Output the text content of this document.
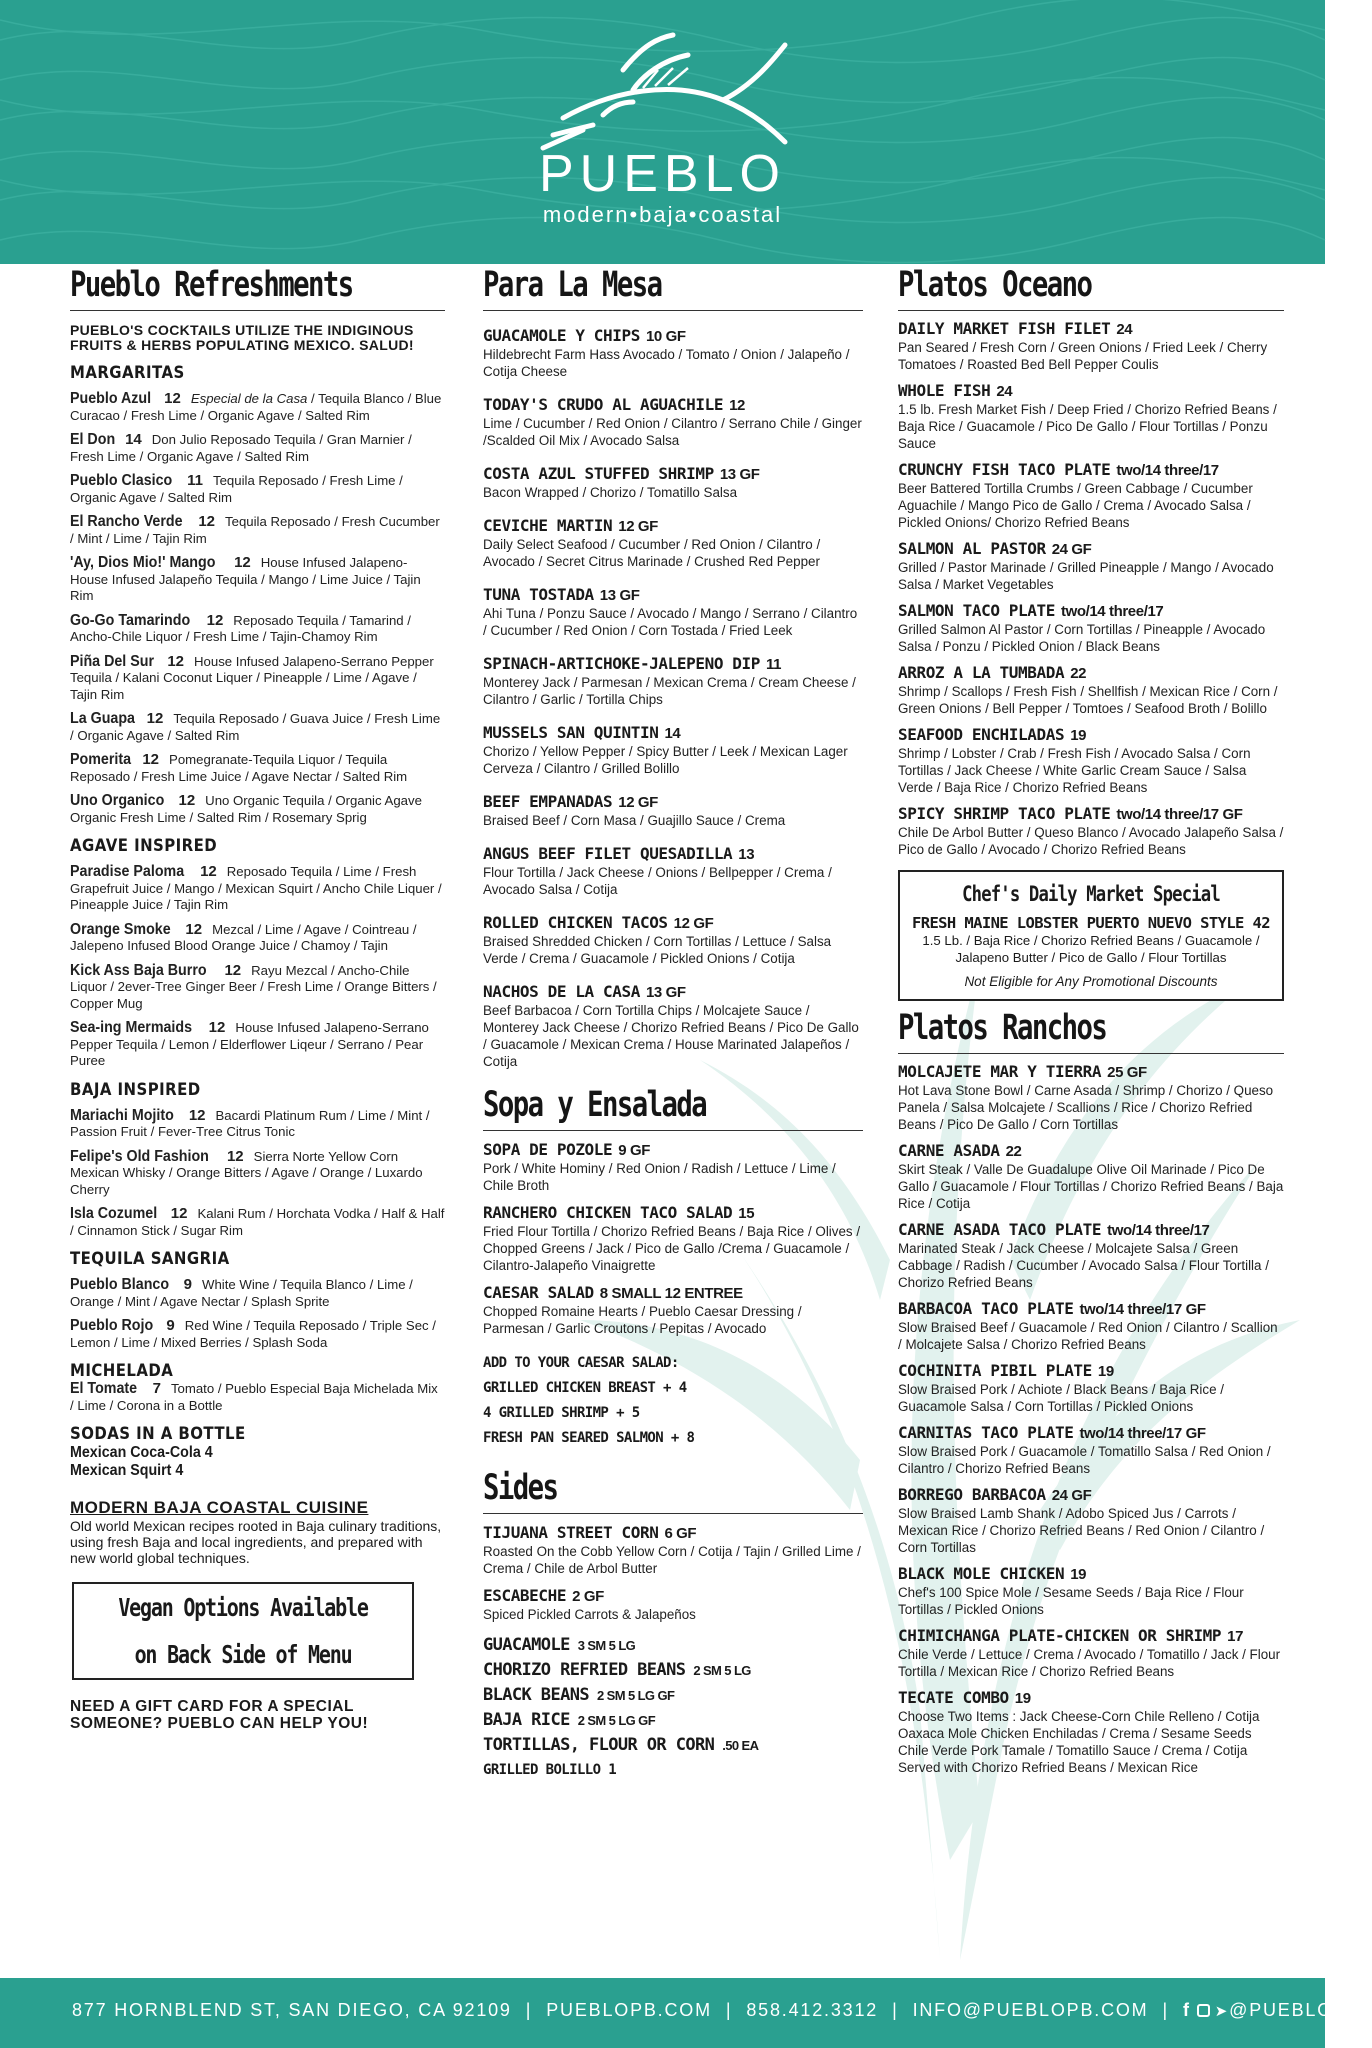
PUEBLO
modern•baja•coastal
Pueblo Refreshments
PUEBLO'S COCKTAILS UTILIZE THE INDIGINOUS FRUITS & HERBS POPULATING MEXICO. SALUD!
MARGARITAS
Pueblo Azul 12 Especial de la Casa / Tequila Blanco / Blue Curacao / Fresh Lime / Organic Agave / Salted Rim
El Don 14 Don Julio Reposado Tequila / Gran Marnier / Fresh Lime / Organic Agave / Salted Rim
Pueblo Clasico 11 Tequila Reposado / Fresh Lime / Organic Agave / Salted Rim
El Rancho Verde 12 Tequila Reposado / Fresh Cucumber / Mint / Lime / Tajin Rim
'Ay, Dios Mio!' Mango 12 House Infused Jalapeno-House Infused Jalapeño Tequila / Mango / Lime Juice / Tajin Rim
Go-Go Tamarindo 12 Reposado Tequila / Tamarind / Ancho-Chile Liquor / Fresh Lime / Tajin-Chamoy Rim
Piña Del Sur 12 House Infused Jalapeno-Serrano Pepper Tequila / Kalani Coconut Liquer / Pineapple / Lime / Agave / Tajin Rim
La Guapa 12 Tequila Reposado / Guava Juice / Fresh Lime / Organic Agave / Salted Rim
Pomerita 12 Pomegranate-Tequila Liquor / Tequila Reposado / Fresh Lime Juice / Agave Nectar / Salted Rim
Uno Organico 12 Uno Organic Tequila / Organic Agave Organic Fresh Lime / Salted Rim / Rosemary Sprig
AGAVE INSPIRED
Paradise Paloma 12 Reposado Tequila / Lime / Fresh Grapefruit Juice / Mango / Mexican Squirt / Ancho Chile Liquer / Pineapple Juice / Tajin Rim
Orange Smoke 12 Mezcal / Lime / Agave / Cointreau / Jalepeno Infused Blood Orange Juice / Chamoy / Tajin
Kick Ass Baja Burro 12 Rayu Mezcal / Ancho-Chile Liquor / 2ever-Tree Ginger Beer / Fresh Lime / Orange Bitters / Copper Mug
Sea-ing Mermaids 12 House Infused Jalapeno-Serrano Pepper Tequila / Lemon / Elderflower Liqeur / Serrano / Pear Puree
BAJA INSPIRED
Mariachi Mojito 12 Bacardi Platinum Rum / Lime / Mint / Passion Fruit / Fever-Tree Citrus Tonic
Felipe's Old Fashion 12 Sierra Norte Yellow Corn Mexican Whisky / Orange Bitters / Agave / Orange / Luxardo Cherry
Isla Cozumel 12 Kalani Rum / Horchata Vodka / Half & Half / Cinnamon Stick / Sugar Rim
TEQUILA SANGRIA
Pueblo Blanco 9 White Wine / Tequila Blanco / Lime / Orange / Mint / Agave Nectar / Splash Sprite
Pueblo Rojo 9 Red Wine / Tequila Reposado / Triple Sec / Lemon / Lime / Mixed Berries / Splash Soda
MICHELADA
El Tomate 7 Tomato / Pueblo Especial Baja Michelada Mix / Lime / Corona in a Bottle
SODAS IN A BOTTLE
Mexican Coca-Cola 4
Mexican Squirt 4
MODERN BAJA COASTAL CUISINE
Old world Mexican recipes rooted in Baja culinary traditions, using fresh Baja and local ingredients, and prepared with new world global techniques.
Vegan Options Available
on Back Side of Menu
NEED A GIFT CARD FOR A SPECIAL SOMEONE? PUEBLO CAN HELP YOU!
Para La Mesa
GUACAMOLE Y CHIPS 10 GF
Hildebrecht Farm Hass Avocado / Tomato / Onion / Jalapeño / Cotija Cheese
TODAY'S CRUDO AL AGUACHILE 12
Lime / Cucumber / Red Onion / Cilantro / Serrano Chile / Ginger /Scalded Oil Mix / Avocado Salsa
COSTA AZUL STUFFED SHRIMP 13 GF
Bacon Wrapped / Chorizo / Tomatillo Salsa
CEVICHE MARTIN 12 GF
Daily Select Seafood / Cucumber / Red Onion / Cilantro / Avocado / Secret Citrus Marinade / Crushed Red Pepper
TUNA TOSTADA 13 GF
Ahi Tuna / Ponzu Sauce / Avocado / Mango / Serrano / Cilantro / Cucumber / Red Onion / Corn Tostada / Fried Leek
SPINACH-ARTICHOKE-JALEPENO DIP 11
Monterey Jack / Parmesan / Mexican Crema / Cream Cheese / Cilantro / Garlic / Tortilla Chips
MUSSELS SAN QUINTIN 14
Chorizo / Yellow Pepper / Spicy Butter / Leek / Mexican Lager Cerveza / Cilantro / Grilled Bolillo
BEEF EMPANADAS 12 GF
Braised Beef / Corn Masa / Guajillo Sauce / Crema
ANGUS BEEF FILET QUESADILLA 13
Flour Tortilla / Jack Cheese / Onions / Bellpepper / Crema / Avocado Salsa / Cotija
ROLLED CHICKEN TACOS 12 GF
Braised Shredded Chicken / Corn Tortillas / Lettuce / Salsa Verde / Crema / Guacamole / Pickled Onions / Cotija
NACHOS DE LA CASA 13 GF
Beef Barbacoa / Corn Tortilla Chips / Molcajete Sauce / Monterey Jack Cheese / Chorizo Refried Beans / Pico De Gallo / Guacamole / Mexican Crema / House Marinated Jalapeños / Cotija
Sopa y Ensalada
SOPA DE POZOLE 9 GF
Pork / White Hominy / Red Onion / Radish / Lettuce / Lime / Chile Broth
RANCHERO CHICKEN TACO SALAD 15
Fried Flour Tortilla / Chorizo Refried Beans / Baja Rice / Olives / Chopped Greens / Jack / Pico de Gallo /Crema / Guacamole / Cilantro-Jalapeño Vinaigrette
CAESAR SALAD 8 SMALL 12 ENTREE
Chopped Romaine Hearts / Pueblo Caesar Dressing / Parmesan / Garlic Croutons / Pepitas / Avocado
ADD TO YOUR CAESAR SALAD:
GRILLED CHICKEN BREAST + 4
4 GRILLED SHRIMP + 5
FRESH PAN SEARED SALMON + 8
Sides
TIJUANA STREET CORN 6 GF
Roasted On the Cobb Yellow Corn / Cotija / Tajin / Grilled Lime / Crema / Chile de Arbol Butter
ESCABECHE 2 GF
Spiced Pickled Carrots & Jalapeños
GUACAMOLE 3 SM 5 LG
CHORIZO REFRIED BEANS 2 SM 5 LG
BLACK BEANS 2 SM 5 LG GF
BAJA RICE 2 SM 5 LG GF
TORTILLAS, FLOUR OR CORN .50 EA
GRILLED BOLILLO 1
Platos Oceano
DAILY MARKET FISH FILET 24
Pan Seared / Fresh Corn / Green Onions / Fried Leek / Cherry Tomatoes / Roasted Bed Bell Pepper Coulis
WHOLE FISH 24
1.5 lb. Fresh Market Fish / Deep Fried / Chorizo Refried Beans / Baja Rice / Guacamole / Pico De Gallo / Flour Tortillas / Ponzu Sauce
CRUNCHY FISH TACO PLATE two/14 three/17
Beer Battered Tortilla Crumbs / Green Cabbage / Cucumber Aguachile / Mango Pico de Gallo / Crema / Avocado Salsa / Pickled Onions/ Chorizo Refried Beans
SALMON AL PASTOR 24 GF
Grilled / Pastor Marinade / Grilled Pineapple / Mango / Avocado Salsa / Market Vegetables
SALMON TACO PLATE two/14 three/17
Grilled Salmon Al Pastor / Corn Tortillas / Pineapple / Avocado Salsa / Ponzu / Pickled Onion / Black Beans
ARROZ A LA TUMBADA 22
Shrimp / Scallops / Fresh Fish / Shellfish / Mexican Rice / Corn / Green Onions / Bell Pepper / Tomtoes / Seafood Broth / Bolillo
SEAFOOD ENCHILADAS 19
Shrimp / Lobster / Crab / Fresh Fish / Avocado Salsa / Corn Tortillas / Jack Cheese / White Garlic Cream Sauce / Salsa Verde / Baja Rice / Chorizo Refried Beans
SPICY SHRIMP TACO PLATE two/14 three/17 GF
Chile De Arbol Butter / Queso Blanco / Avocado Jalapeño Salsa / Pico de Gallo / Avocado / Chorizo Refried Beans
Chef's Daily Market Special
FRESH MAINE LOBSTER PUERTO NUEVO STYLE 42
1.5 Lb. / Baja Rice / Chorizo Refried Beans / Guacamole / Jalapeno Butter / Pico de Gallo / Flour Tortillas
Not Eligible for Any Promotional Discounts
Platos Ranchos
MOLCAJETE MAR Y TIERRA 25 GF
Hot Lava Stone Bowl / Carne Asada / Shrimp / Chorizo / Queso Panela / Salsa Molcajete / Scallions / Rice / Chorizo Refried Beans / Pico De Gallo / Corn Tortillas
CARNE ASADA 22
Skirt Steak / Valle De Guadalupe Olive Oil Marinade / Pico De Gallo / Guacamole / Flour Tortillas / Chorizo Refried Beans / Baja Rice / Cotija
CARNE ASADA TACO PLATE two/14 three/17
Marinated Steak / Jack Cheese / Molcajete Salsa / Green Cabbage / Radish / Cucumber / Avocado Salsa / Flour Tortilla / Chorizo Refried Beans
BARBACOA TACO PLATE two/14 three/17 GF
Slow Braised Beef / Guacamole / Red Onion / Cilantro / Scallion / Molcajete Salsa / Chorizo Refried Beans
COCHINITA PIBIL PLATE 19
Slow Braised Pork / Achiote / Black Beans / Baja Rice / Guacamole Salsa / Corn Tortillas / Pickled Onions
CARNITAS TACO PLATE two/14 three/17 GF
Slow Braised Pork / Guacamole / Tomatillo Salsa / Red Onion / Cilantro / Chorizo Refried Beans
BORREGO BARBACOA 24 GF
Slow Braised Lamb Shank / Adobo Spiced Jus / Carrots / Mexican Rice / Chorizo Refried Beans / Red Onion / Cilantro / Corn Tortillas
BLACK MOLE CHICKEN 19
Chef's 100 Spice Mole / Sesame Seeds / Baja Rice / Flour Tortillas / Pickled Onions
CHIMICHANGA PLATE-CHICKEN OR SHRIMP 17
Chile Verde / Lettuce / Crema / Avocado / Tomatillo / Jack / Flour Tortilla / Mexican Rice / Chorizo Refried Beans
TECATE COMBO 19
Choose Two Items : Jack Cheese-Corn Chile Relleno / Cotija Oaxaca Mole Chicken Enchiladas / Crema / Sesame Seeds Chile Verde Pork Tamale / Tomatillo Sauce / Crema / Cotija Served with Chorizo Refried Beans / Mexican Rice
877 HORNBLEND ST, SAN DIEGO, CA 92109 | PUEBLOPB.COM | 858.412.3312 | INFO@PUEBLOPB.COM | f ➤@PUEBLO_PB
